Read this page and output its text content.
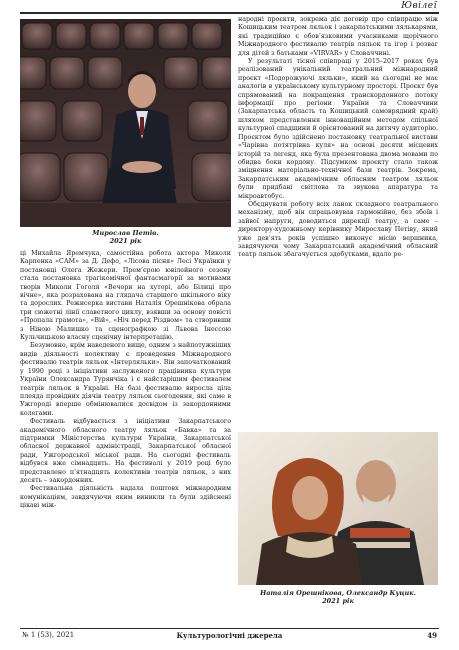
Ювілеї
Мирослав Петів.
2021 рік

ці Михайла Яремчука, самостійна робота актора Миколи Карпенка «САМ» за Д. Дефо, «Лісова пісня» Лесі Українки у постановці Олега Жежери. Прем’єрою ювілейного сезону стала постановка трагікомічної фантасмагорії за мотивами творів Миколи Гоголя «Вечори на хуторі, або Білиці про вічне», яка розрахована на глядача старшого шкільного віку та дорослих. Режисерка вистави Наталія Орешнікова обрала три сюжетні лінії славетного циклу, взявши за основу повісті «Пропала грамота», «Вій», «Ніч перед Різдвом» та створивши з Ніною Малишко та сценографкою зі Львова Інессою Кульчицькою власну сценічну інтерпретацію.

Безумовно, крім наведеного вище, одним з найпотужніших видів діяльності колективу є проведення Міжнародного фестивалю театрів ляльок «Інтерляльки». Він започаткований у 1990 році з ініціативи заслуженого працівника культури України Олександра Турянчіка і є найстарішим фестивалем театрів ляльок в Україні. На базі фестивалю виросла ціла плеяда провідних діячів театру ляльок сьогодення, які саме в Ужгороді вперше обмінювалися досвідом із закордонними колегами.

Фестиваль відбувається з ініціативи Закарпатського академічного обласного театру ляльок «Бавка» та за підтримки Міністерства культури України, Закарпатської обласної державної адміністрації, Закарпатської обласної ради, Ужгородської міської ради. На сьогодні фестиваль відбувся вже сімнадцять. На фестивалі у 2019 році було представлено п’ятнадцять колективів театрів ляльок, з них десять – закордонних.

Фестивальна діяльність надала поштовх міжнародним комунікаціям, завдячуючи яким виникли та були здійснені цікаві між-

народні проєкти, зокрема діє договір про співпрацю між Кошицьким театром ляльок і закарпатськими лялькарями, які традиційно є обов’язковими учасниками щорічного Міжнародного фестивалю театрів ляльок та ігор і розваг для дітей з батьками «VIRVAR» у Словаччині.

У результаті тісної співпраці у 2015–2017 роках був реалізований унікальний театральний міжнародний проєкт «Подорожуючі ляльки», який на сьогодні не має аналогів в українському культурному просторі. Проєкт був спрямований на покращення транскордонного потоку інформації про регіони України та Словаччини (Закарпатська область та Кошицький самоврядний край) шляхом представлення інноваційним методом спільної культурної спадщини й орієнтований на дитячу аудиторію. Проєктом було здійснено постановку театральної вистави «Чарівна потятрівна куля» на основі десяти місцевих історій та легенд, яка була презентована двома мовами по обидва боки кордону. Підсумком проєкту стало також зміцнення матеріально-технічної бази театрів. Зокрема, Закарпатським академічним обласним театром ляльок були придбані світлова та звукова апаратура та мікроавтобус.

Обєднувати роботу всіх ланок складного театрального механізму, щоб він спрацьовував гармонійно, без збоїв і зайвої напруги, доводиться дирекції театру, а саме – директору-художньому керівнику Мирославу Петіву, який уже дев’ять років успішно виконує місію вершника, завдячуючи чому Закарпатський академічний обласний театр ляльок збагачується здобутками, вдало ре-

Наталія Орешнікова, Олександр Куцик.
2021 рік
№ 1 (53), 2021	Культурологічні джерела	49
